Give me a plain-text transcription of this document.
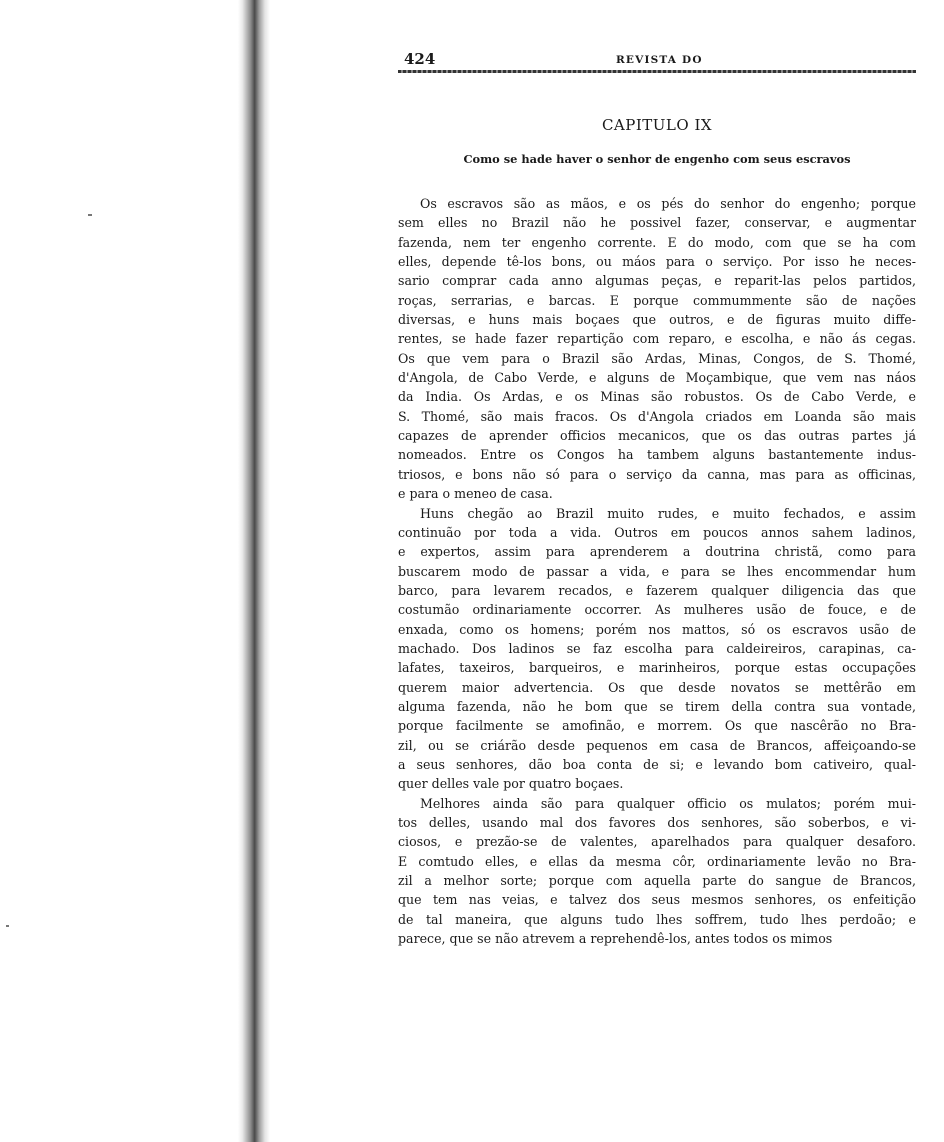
424	REVISTA DO
CAPITULO IX
Como se hade haver o senhor de engenho com seus escravos

Os escravos são as mãos, e os pés do senhor do engenho; porque
sem elles no Brazil não he possivel fazer, conservar, e augmentar
fazenda, nem ter engenho corrente. E do modo, com que se ha com
elles, depende tê-los bons, ou máos para o serviço. Por isso he neces-
sario comprar cada anno algumas peças, e reparit-las pelos partidos,
roças, serrarias, e barcas. E porque commummente são de nações
diversas, e huns mais boçaes que outros, e de figuras muito diffe-
rentes, se hade fazer repartição com reparo, e escolha, e não ás cegas.
Os que vem para o Brazil são Ardas, Minas, Congos, de S. Thomé,
d'Angola, de Cabo Verde, e alguns de Moçambique, que vem nas náos
da India. Os Ardas, e os Minas são robustos. Os de Cabo Verde, e
S. Thomé, são mais fracos. Os d'Angola criados em Loanda são mais
capazes de aprender officios mecanicos, que os das outras partes já
nomeados. Entre os Congos ha tambem alguns bastantemente indus-
triosos, e bons não só para o serviço da canna, mas para as officinas,
e para o meneo de casa.

Huns chegão ao Brazil muito rudes, e muito fechados, e assim
continuão por toda a vida. Outros em poucos annos sahem ladinos,
e expertos, assim para aprenderem a doutrina christã, como para
buscarem modo de passar a vida, e para se lhes encommendar hum
barco, para levarem recados, e fazerem qualquer diligencia das que
costumão ordinariamente occorrer. As mulheres usão de fouce, e de
enxada, como os homens; porém nos mattos, só os escravos usão de
machado. Dos ladinos se faz escolha para caldeireiros, carapinas, ca-
lafates, taxeiros, barqueiros, e marinheiros, porque estas occupações
querem maior advertencia. Os que desde novatos se mettêrão em
alguma fazenda, não he bom que se tirem della contra sua vontade,
porque facilmente se amofinão, e morrem. Os que nascêrão no Bra-
zil, ou se criárão desde pequenos em casa de Brancos, affeiçoando-se
a seus senhores, dão boa conta de si; e levando bom cativeiro, qual-
quer delles vale por quatro boçaes.

Melhores ainda são para qualquer officio os mulatos; porém mui-
tos delles, usando mal dos favores dos senhores, são soberbos, e vi-
ciosos, e prezão-se de valentes, aparelhados para qualquer desaforo.
E comtudo elles, e ellas da mesma côr, ordinariamente levão no Bra-
zil a melhor sorte; porque com aquella parte do sangue de Brancos,
que tem nas veias, e talvez dos seus mesmos senhores, os enfeitição
de tal maneira, que alguns tudo lhes soffrem, tudo lhes perdoão; e
parece, que se não atrevem a reprehendê-los, antes todos os mimos
